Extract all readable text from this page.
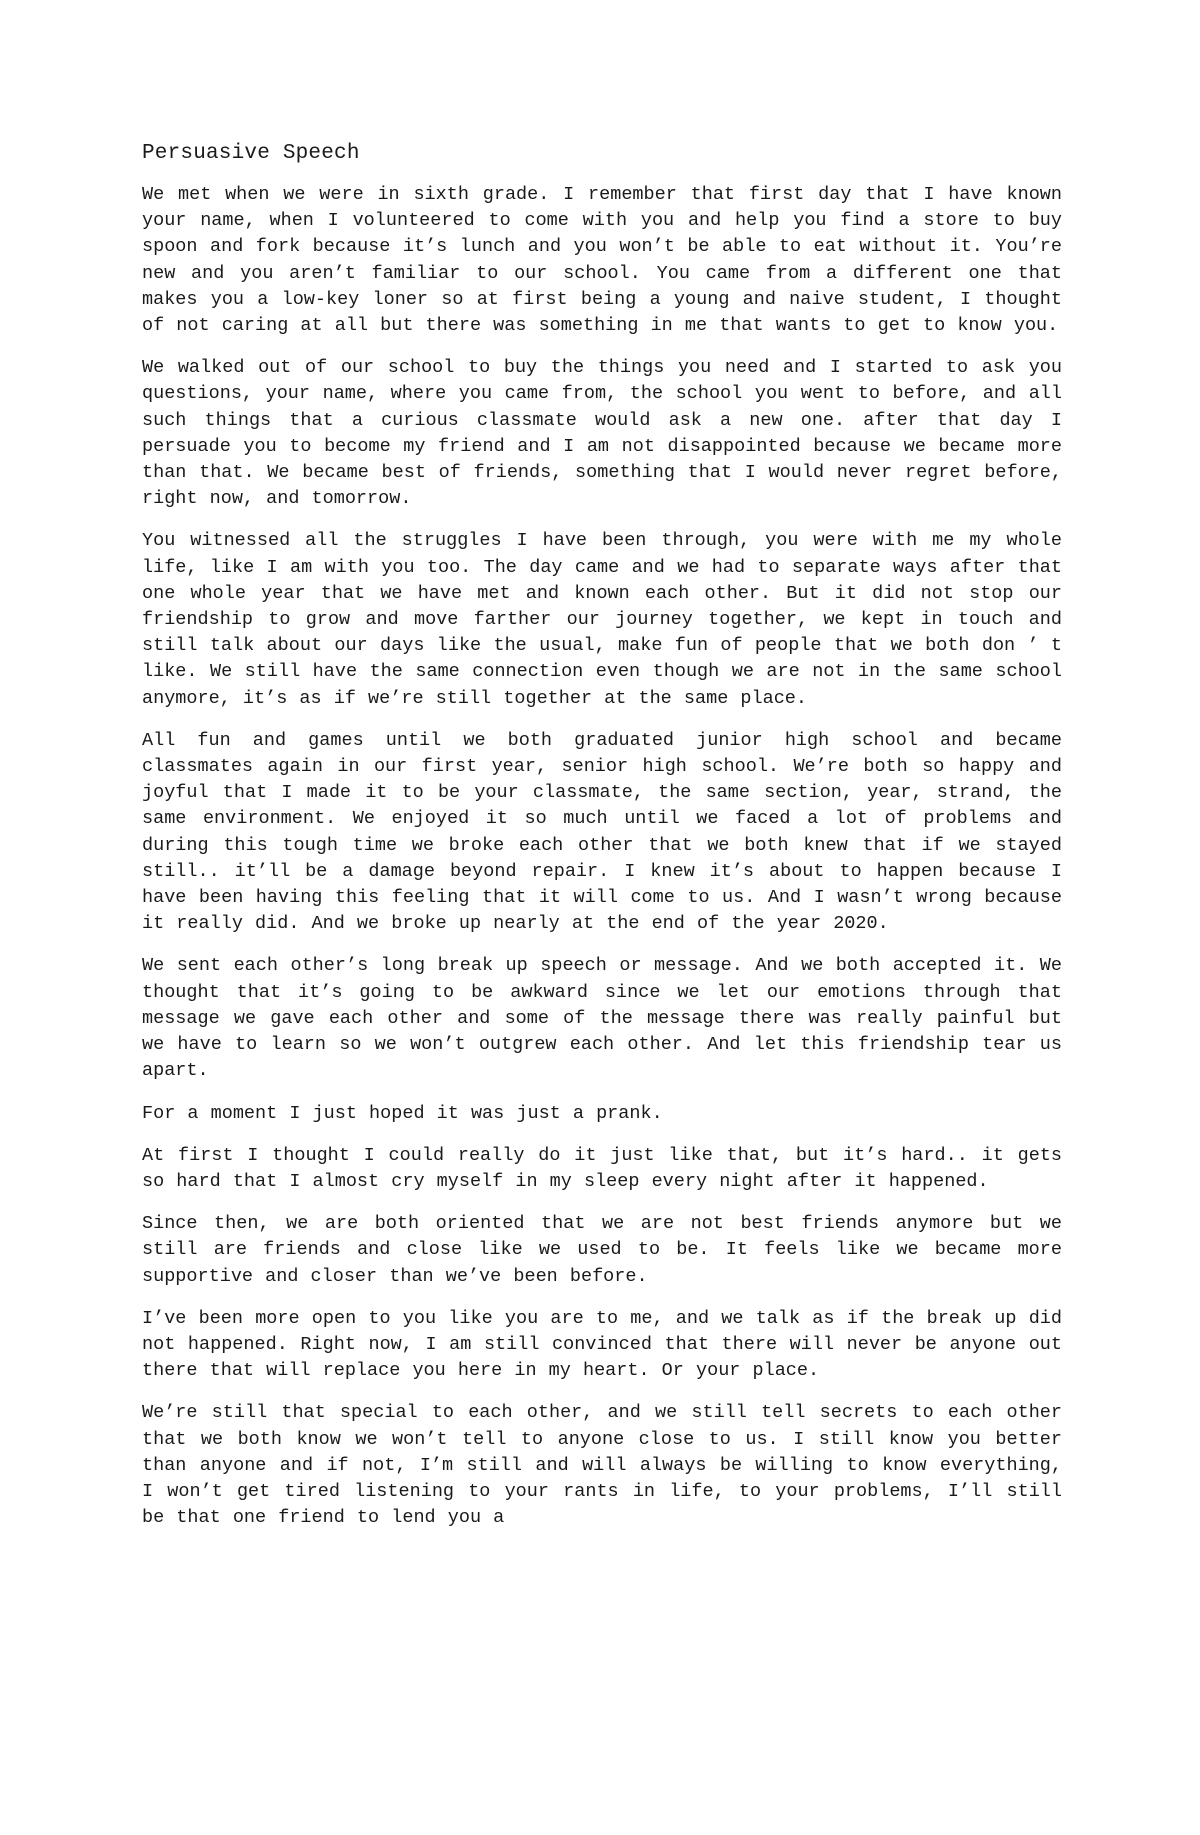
Persuasive Speech

We met when we were in sixth grade. I remember that first day that I have known your name, when I volunteered to come with you and help you find a store to buy spoon and fork because it’s lunch and you won’t be able to eat without it. You’re new and you aren’t familiar to our school. You came from a different one that makes you a low-key loner so at first being a young and naive student, I thought of not caring at all but there was something in me that wants to get to know you.

We walked out of our school to buy the things you need and I started to ask you questions, your name, where you came from, the school you went to before, and all such things that a curious classmate would ask a new one. after that day I persuade you to become my friend and I am not disappointed because we became more than that. We became best of friends, something that I would never regret before, right now, and tomorrow.

You witnessed all the struggles I have been through, you were with me my whole life, like I am with you too. The day came and we had to separate ways after that one whole year that we have met and known each other. But it did not stop our friendship to grow and move farther our journey together, we kept in touch and still talk about our days like the usual, make fun of people that we both don ’ t like. We still have the same connection even though we are not in the same school anymore, it’s as if we’re still together at the same place.

All fun and games until we both graduated junior high school and became classmates again in our first year, senior high school. We’re both so happy and joyful that I made it to be your classmate, the same section, year, strand, the same environment. We enjoyed it so much until we faced a lot of problems and during this tough time we broke each other that we both knew that if we stayed still.. it’ll be a damage beyond repair. I knew it’s about to happen because I have been having this feeling that it will come to us. And I wasn’t wrong because it really did. And we broke up nearly at the end of the year 2020.

We sent each other’s long break up speech or message. And we both accepted it. We thought that it’s going to be awkward since we let our emotions through that message we gave each other and some of the message there was really painful but we have to learn so we won’t outgrew each other. And let this friendship tear us apart.

For a moment I just hoped it was just a prank.

At first I thought I could really do it just like that, but it’s hard.. it gets so hard that I almost cry myself in my sleep every night after it happened.

Since then, we are both oriented that we are not best friends anymore but we still are friends and close like we used to be. It feels like we became more supportive and closer than we’ve been before.

I’ve been more open to you like you are to me, and we talk as if the break up did not happened. Right now, I am still convinced that there will never be anyone out there that will replace you here in my heart. Or your place.

We’re still that special to each other, and we still tell secrets to each other that we both know we won’t tell to anyone close to us. I still know you better than anyone and if not, I’m still and will always be willing to know everything, I won’t get tired listening to your rants in life, to your problems, I’ll still be that one friend to lend you a
